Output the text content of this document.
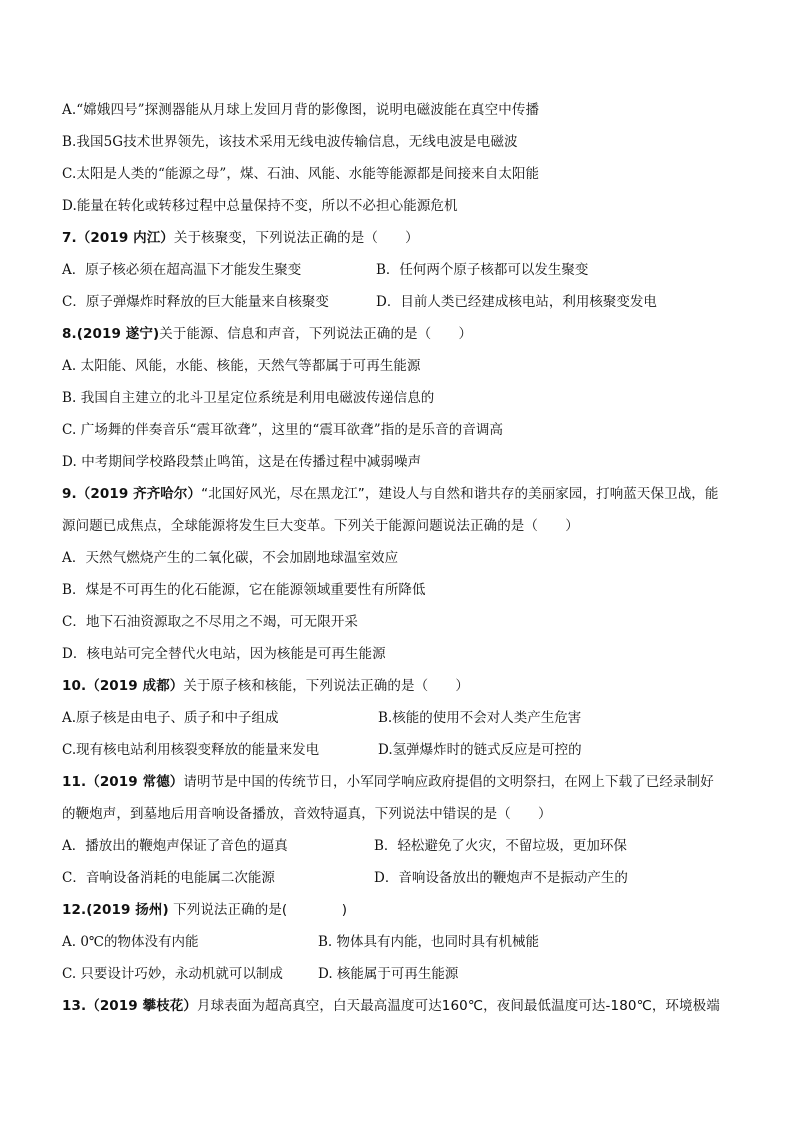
A.“嫦娥四号”探测器能从月球上发回月背的影像图，说明电磁波能在真空中传播
B.我国5G技术世界领先，该技术采用无线电波传输信息，无线电波是电磁波
C.太阳是人类的“能源之母”，煤、石油、风能、水能等能源都是间接来自太阳能
D.能量在转化或转移过程中总量保持不变，所以不必担心能源危机
7.（2019 内江）关于核聚变，下列说法正确的是（　　）
A．原子核必须在超高温下才能发生聚变	B．任何两个原子核都可以发生聚变
C．原子弹爆炸时释放的巨大能量来自核聚变	D．目前人类已经建成核电站，利用核聚变发电
8.(2019 遂宁)关于能源、信息和声音，下列说法正确的是（　　）
A. 太阳能、风能，水能、核能，天然气等都属于可再生能源
B. 我国自主建立的北斗卫星定位系统是利用电磁波传递信息的
C. 广场舞的伴奏音乐“震耳欲聋”，这里的“震耳欲聋”指的是乐音的音调高
D. 中考期间学校路段禁止鸣笛，这是在传播过程中减弱噪声
9.（2019 齐齐哈尔）“北国好风光，尽在黑龙江”，建设人与自然和谐共存的美丽家园，打响蓝天保卫战，能
源问题已成焦点，全球能源将发生巨大变革。下列关于能源问题说法正确的是（　　）
A．天然气燃烧产生的二氧化碳，不会加剧地球温室效应
B．煤是不可再生的化石能源，它在能源领域重要性有所降低
C．地下石油资源取之不尽用之不竭，可无限开采
D．核电站可完全替代火电站，因为核能是可再生能源
10.（2019 成都）关于原子核和核能，下列说法正确的是（　　）
A.原子核是由电子、质子和中子组成	B.核能的使用不会对人类产生危害
C.现有核电站利用核裂变释放的能量来发电	D.氢弹爆炸时的链式反应是可控的
11.（2019 常德）请明节是中国的传统节日，小军同学响应政府提倡的文明祭扫，在网上下载了已经录制好
的鞭炮声，到墓地后用音响设备播放，音效特逼真，下列说法中错误的是（　　）
A．播放出的鞭炮声保证了音色的逼真	B．轻松避免了火灾，不留垃圾，更加环保
C．音响设备消耗的电能属二次能源	D．音响设备放出的鞭炮声不是振动产生的
12.(2019 扬州) 下列说法正确的是(　　　　)
A. 0℃的物体没有内能	B. 物体具有内能，也同时具有机械能
C. 只要设计巧妙，永动机就可以制成	D. 核能属于可再生能源
13.（2019 攀枝花）月球表面为超高真空，白天最高温度可达160℃，夜间最低温度可达-180℃，环境极端
